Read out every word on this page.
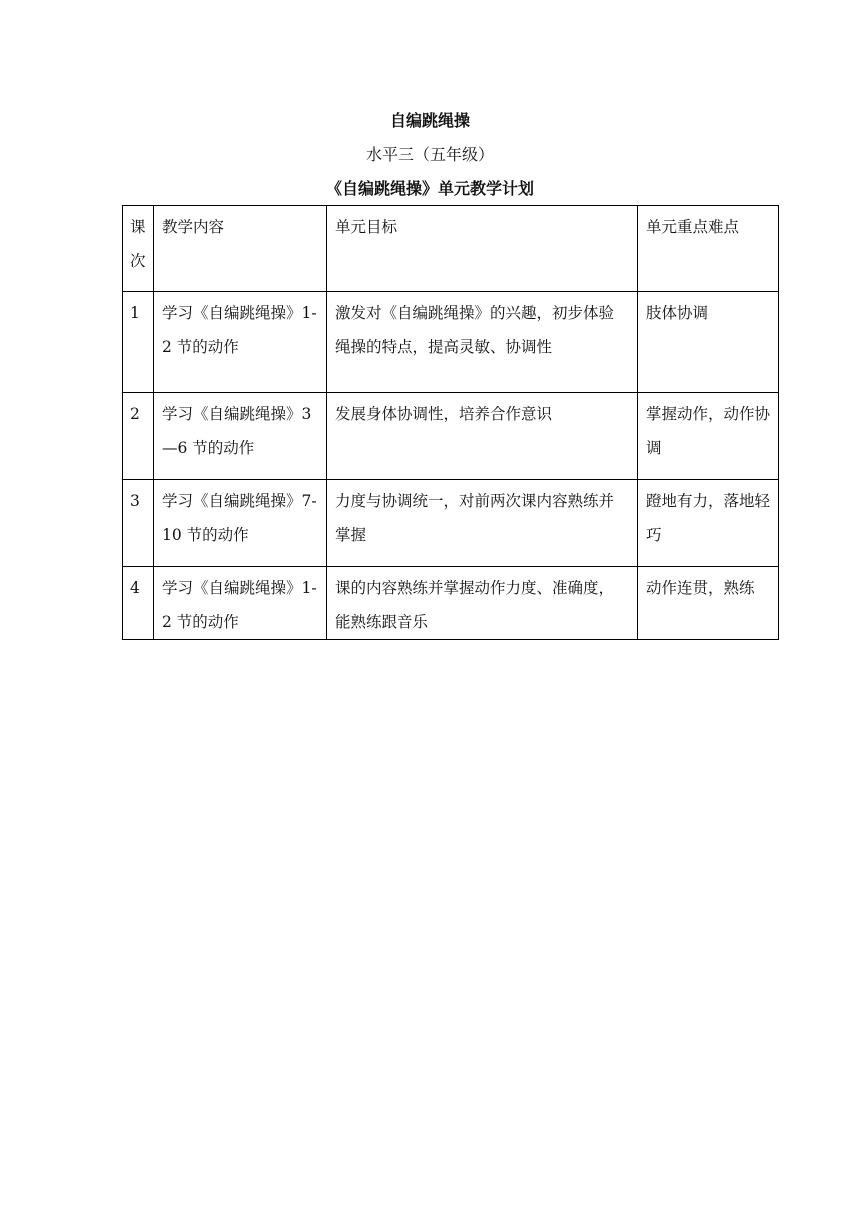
自编跳绳操
水平三（五年级）
《自编跳绳操》单元教学计划
课次	教学内容	单元目标	单元重点难点
1	学习《自编跳绳操》1-2 节的动作	激发对《自编跳绳操》的兴趣，初步体验绳操的特点，提高灵敏、协调性	肢体协调
2	学习《自编跳绳操》3—6 节的动作	发展身体协调性，培养合作意识	掌握动作，动作协调
3	学习《自编跳绳操》7-10 节的动作	力度与协调统一，对前两次课内容熟练并掌握	蹬地有力，落地轻巧
4	学习《自编跳绳操》1-2 节的动作	课的内容熟练并掌握动作力度、准确度，能熟练跟音乐	动作连贯，熟练
